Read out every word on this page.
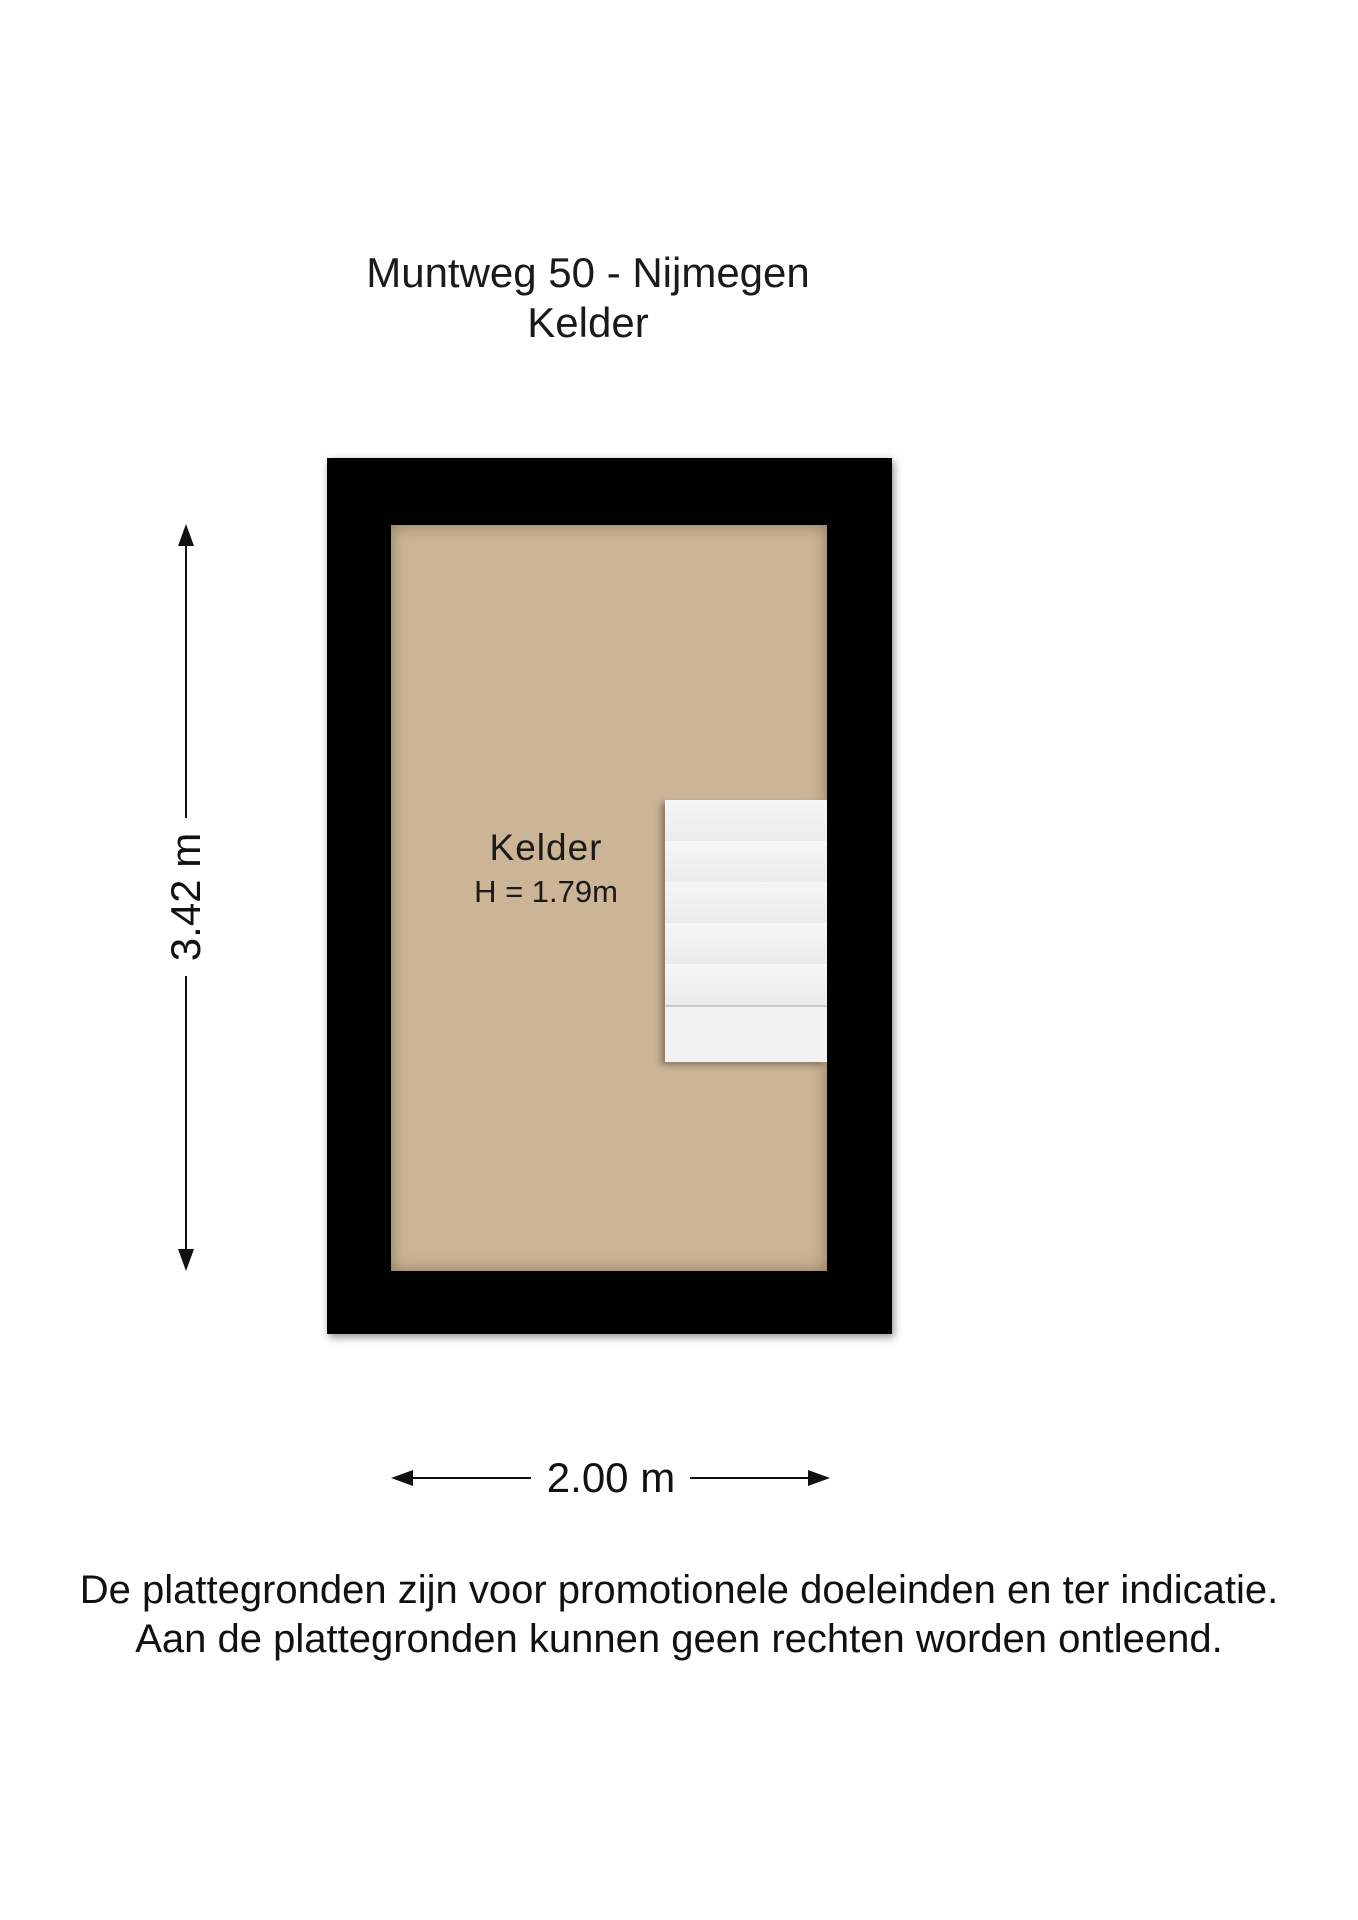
Muntweg 50 - Nijmegen
Kelder
Kelder
H = 1.79m
3.42 m
2.00 m
De plattegronden zijn voor promotionele doeleinden en ter indicatie.
Aan de plattegronden kunnen geen rechten worden ontleend.
